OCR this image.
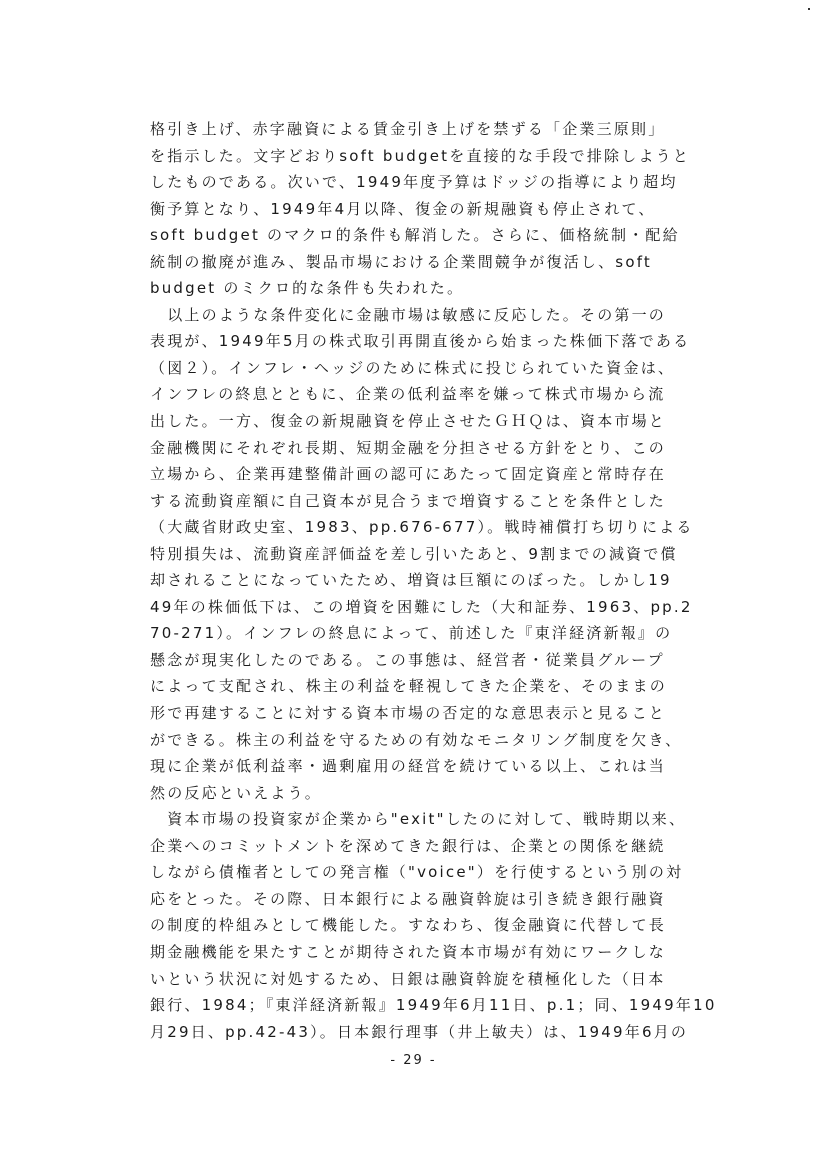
格引き上げ、赤字融資による賃金引き上げを禁ずる「企業三原則」
を指示した。文字どおりsoft budgetを直接的な手段で排除しようと
したものである。次いで、1949年度予算はドッジの指導により超均
衡予算となり、1949年4月以降、復金の新規融資も停止されて、
soft budget のマクロ的条件も解消した。さらに、価格統制・配給
統制の撤廃が進み、製品市場における企業間競争が復活し、soft
budget のミクロ的な条件も失われた。
　以上のような条件変化に金融市場は敏感に反応した。その第一の
表現が、1949年5月の株式取引再開直後から始まった株価下落である
（図２）。インフレ・ヘッジのために株式に投じられていた資金は、
インフレの終息とともに、企業の低利益率を嫌って株式市場から流
出した。一方、復金の新規融資を停止させたＧＨＱは、資本市場と
金融機関にそれぞれ長期、短期金融を分担させる方針をとり、この
立場から、企業再建整備計画の認可にあたって固定資産と常時存在
する流動資産額に自己資本が見合うまで増資することを条件とした
（大蔵省財政史室、1983、pp.676-677）。戦時補償打ち切りによる
特別損失は、流動資産評価益を差し引いたあと、9割までの減資で償
却されることになっていたため、増資は巨額にのぼった。しかし19
49年の株価低下は、この増資を困難にした（大和証券、1963、pp.2
70-271）。インフレの終息によって、前述した『東洋経済新報』の
懸念が現実化したのである。この事態は、経営者・従業員グループ
によって支配され、株主の利益を軽視してきた企業を、そのままの
形で再建することに対する資本市場の否定的な意思表示と見ること
ができる。株主の利益を守るための有効なモニタリング制度を欠き、
現に企業が低利益率・過剰雇用の経営を続けている以上、これは当
然の反応といえよう。
　資本市場の投資家が企業から"exit"したのに対して、戦時期以来、
企業へのコミットメントを深めてきた銀行は、企業との関係を継続
しながら債権者としての発言権（"voice"）を行使するという別の対
応をとった。その際、日本銀行による融資斡旋は引き続き銀行融資
の制度的枠組みとして機能した。すなわち、復金融資に代替して長
期金融機能を果たすことが期待された資本市場が有効にワークしな
いという状況に対処するため、日銀は融資斡旋を積極化した（日本
銀行、1984；『東洋経済新報』1949年6月11日、p.1；同、1949年10
月29日、pp.42-43）。日本銀行理事（井上敏夫）は、1949年6月の
- 29 -
